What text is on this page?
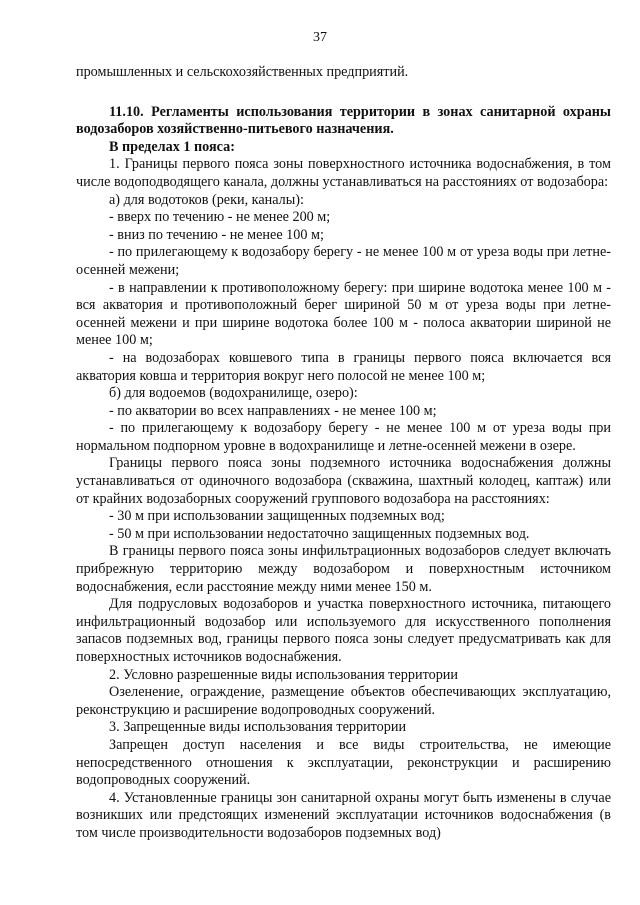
37

промышленных и сельскохозяйственных предприятий.

11.10. Регламенты использования территории в зонах санитарной охраны водозаборов хозяйственно-питьевого назначения.

В пределах 1 пояса:

1. Границы первого пояса зоны поверхностного источника водоснабжения, в том числе водоподводящего канала, должны устанавливаться на расстояниях от водозабора:

а) для водотоков (реки, каналы):

- вверх по течению - не менее 200 м;

- вниз по течению - не менее 100 м;

- по прилегающему к водозабору берегу - не менее 100 м от уреза воды при летне-осенней межени;

- в направлении к противоположному берегу: при ширине водотока менее 100 м - вся акватория и противоположный берег шириной 50 м от уреза воды при летне-осенней межени и при ширине водотока более 100 м - полоса акватории шириной не менее 100 м;

- на водозаборах ковшевого типа в границы первого пояса включается вся акватория ковша и территория вокруг него полосой не менее 100 м;

б) для водоемов (водохранилище, озеро):

- по акватории во всех направлениях - не менее 100 м;

- по прилегающему к водозабору берегу - не менее 100 м от уреза воды при нормальном подпорном уровне в водохранилище и летне-осенней межени в озере.

Границы первого пояса зоны подземного источника водоснабжения должны устанавливаться от одиночного водозабора (скважина, шахтный колодец, каптаж) или от крайних водозаборных сооружений группового водозабора на расстояниях:

- 30 м при использовании защищенных подземных вод;

- 50 м при использовании недостаточно защищенных подземных вод.

В границы первого пояса зоны инфильтрационных водозаборов следует включать прибрежную территорию между водозабором и поверхностным источником водоснабжения, если расстояние между ними менее 150 м.

Для подрусловых водозаборов и участка поверхностного источника, питающего инфильтрационный водозабор или используемого для искусственного пополнения запасов подземных вод, границы первого пояса зоны следует предусматривать как для поверхностных источников водоснабжения.

2. Условно разрешенные виды использования территории

Озеленение, ограждение, размещение объектов обеспечивающих эксплуатацию, реконструкцию и расширение водопроводных сооружений.

3. Запрещенные виды использования территории

Запрещен доступ населения и все виды строительства, не имеющие непосредственного отношения к эксплуатации, реконструкции и расширению водопроводных сооружений.

4. Установленные границы зон санитарной охраны могут быть изменены в случае возникших или предстоящих изменений эксплуатации источников водоснабжения (в том числе производительности водозаборов подземных вод)
